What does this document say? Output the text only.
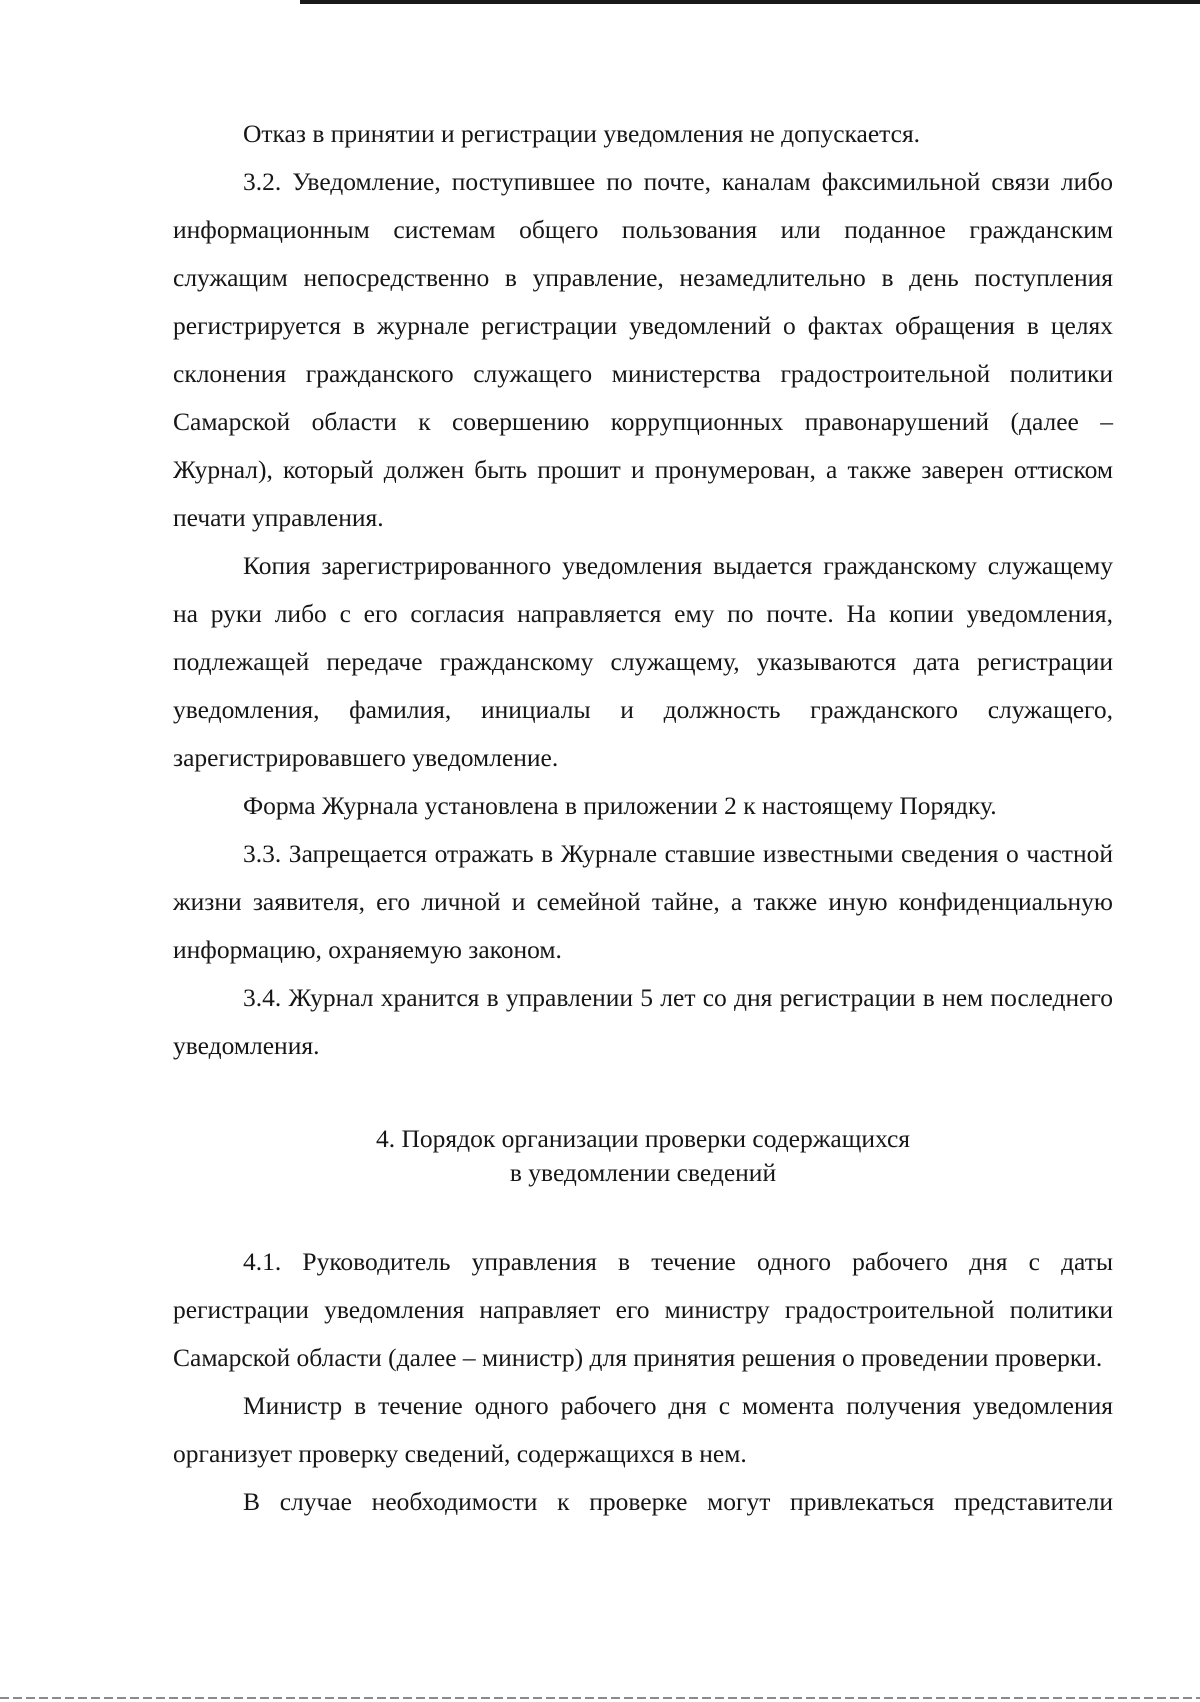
Отказ в принятии и регистрации уведомления не допускается.

3.2. Уведомление, поступившее по почте, каналам факсимильной связи либо информационным системам общего пользования или поданное гражданским служащим непосредственно в управление, незамедлительно в день поступления регистрируется в журнале регистрации уведомлений о фактах обращения в целях склонения гражданского служащего министерства градостроительной политики Самарской области к совершению коррупционных правонарушений (далее – Журнал), который должен быть прошит и пронумерован, а также заверен оттиском печати управления.

Копия зарегистрированного уведомления выдается гражданскому служащему на руки либо с его согласия направляется ему по почте. На копии уведомления, подлежащей передаче гражданскому служащему, указываются дата регистрации уведомления, фамилия, инициалы и должность гражданского служащего, зарегистрировавшего уведомление.

Форма Журнала установлена в приложении 2 к настоящему Порядку.

3.3. Запрещается отражать в Журнале ставшие известными сведения о частной жизни заявителя, его личной и семейной тайне, а также иную конфиденциальную информацию, охраняемую законом.

3.4. Журнал хранится в управлении 5 лет со дня регистрации в нем последнего уведомления.

4. Порядок организации проверки содержащихся
в уведомлении сведений

4.1. Руководитель управления в течение одного рабочего дня с даты регистрации уведомления направляет его министру градостроительной политики Самарской области (далее – министр) для принятия решения о проведении проверки.

Министр в течение одного рабочего дня с момента получения уведомления организует проверку сведений, содержащихся в нем.

В случае необходимости к проверке могут привлекаться представители
